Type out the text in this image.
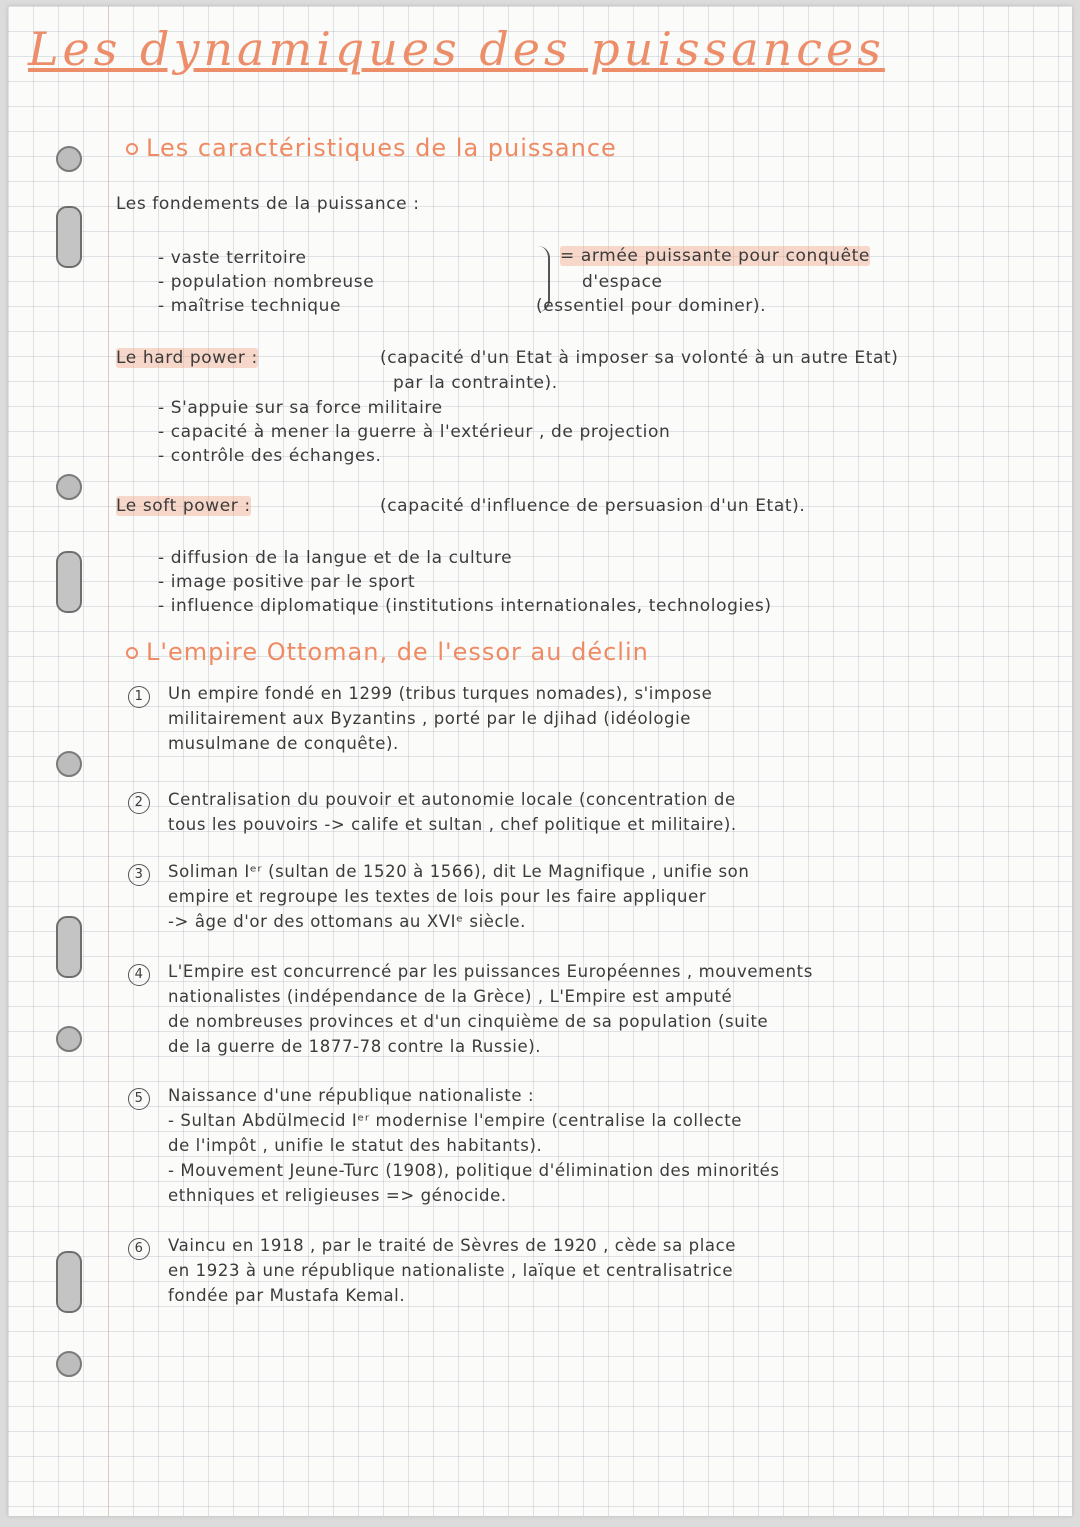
Les dynamiques des puissances
Les caractéristiques de la puissance
Les fondements de la puissance :
- vaste territoire
- population nombreuse
- maîtrise technique
= armée puissante pour conquête
d'espace
(essentiel pour dominer).
Le hard power :	(capacité d'un Etat à imposer sa volonté à un autre Etat)
par la contrainte).
- S'appuie sur sa force militaire
- capacité à mener la guerre à l'extérieur , de projection
- contrôle des échanges.
Le soft power :	(capacité d'influence de persuasion d'un Etat).
- diffusion de la langue et de la culture
- image positive par le sport
- influence diplomatique (institutions internationales, technologies)
L'empire Ottoman, de l'essor au déclin
1	Un empire fondé en 1299 (tribus turques nomades), s'impose
militairement aux Byzantins , porté par le djihad (idéologie
musulmane de conquête).
2	Centralisation du pouvoir et autonomie locale (concentration de
tous les pouvoirs -> calife et sultan , chef politique et militaire).
3	Soliman Iᵉʳ (sultan de 1520 à 1566), dit Le Magnifique , unifie son
empire et regroupe les textes de lois pour les faire appliquer
-> âge d'or des ottomans au XVIᵉ siècle.
4	L'Empire est concurrencé par les puissances Européennes , mouvements
nationalistes (indépendance de la Grèce) , L'Empire est amputé
de nombreuses provinces et d'un cinquième de sa population (suite
de la guerre de 1877-78 contre la Russie).
5	Naissance d'une république nationaliste :
- Sultan Abdülmecid Iᵉʳ modernise l'empire (centralise la collecte
de l'impôt , unifie le statut des habitants).
- Mouvement Jeune-Turc (1908), politique d'élimination des minorités
ethniques et religieuses => génocide.
6	Vaincu en 1918 , par le traité de Sèvres de 1920 , cède sa place
en 1923 à une république nationaliste , laïque et centralisatrice
fondée par Mustafa Kemal.
